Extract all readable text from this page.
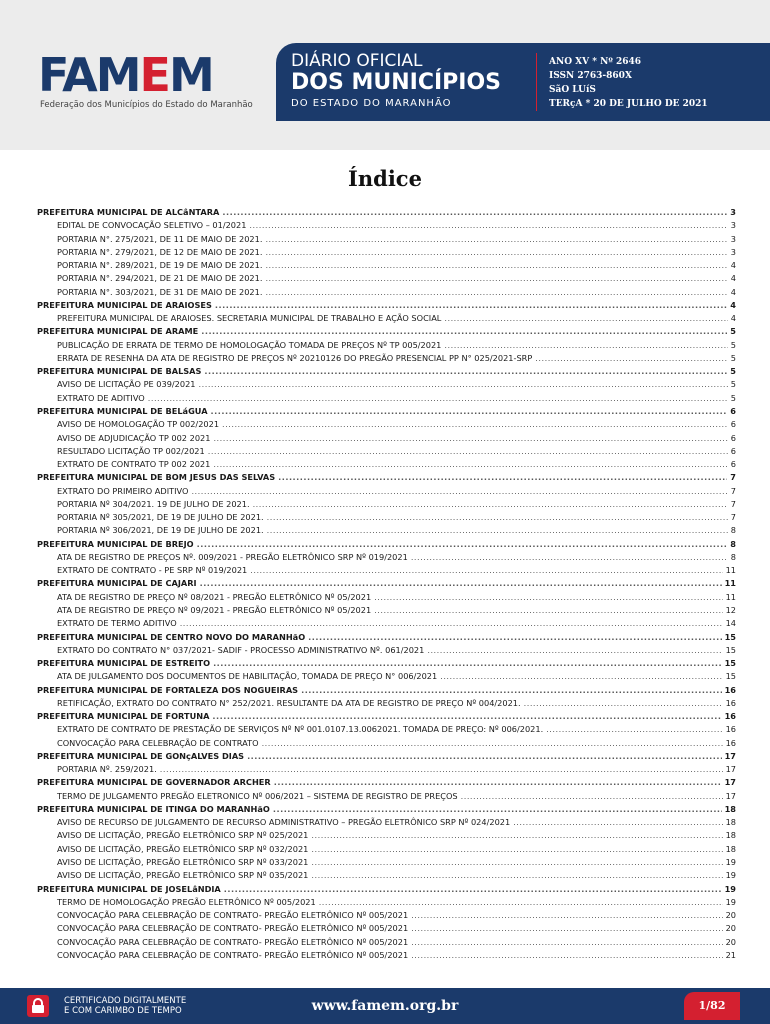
FAMEM
Federação dos Municípios do Estado do Maranhão
DIÁRIO OFICIAL
DOS MUNICÍPIOS
DO ESTADO DO MARANHÃO
ANO XV * Nº 2646
ISSN 2763-860X
SãO LUíS
TERçA * 20 DE JULHO DE 2021
Índice
PREFEITURA MUNICIPAL DE ALCâNTARA .....	3
EDITAL DE CONVOCAÇÃO SELETIVO – 01/2021 .....	3
PORTARIA N°. 275/2021, DE 11 DE MAIO DE 2021. .....	3
PORTARIA N°. 279/2021, DE 12 DE MAIO DE 2021. .....	3
PORTARIA N°. 289/2021, DE 19 DE MAIO DE 2021. .....	4
PORTARIA N°. 294/2021, DE 21 DE MAIO DE 2021. .....	4
PORTARIA N°. 303/2021, DE 31 DE MAIO DE 2021. .....	4
PREFEITURA MUNICIPAL DE ARAIOSES .....	4
PREFEITURA MUNICIPAL DE ARAIOSES. SECRETARIA MUNICIPAL DE TRABALHO E AÇÃO SOCIAL .....	4
PREFEITURA MUNICIPAL DE ARAME .....	5
PUBLICAÇÃO DE ERRATA DE TERMO DE HOMOLOGAÇÃO TOMADA DE PREÇOS Nº TP 005/2021 .....	5
ERRATA DE RESENHA DA ATA DE REGISTRO DE PREÇOS Nº 20210126 DO PREGÃO PRESENCIAL PP N° 025/2021-SRP .....	5
PREFEITURA MUNICIPAL DE BALSAS .....	5
AVISO DE LICITAÇÃO PE 039/2021 .....	5
EXTRATO DE ADITIVO .....	5
PREFEITURA MUNICIPAL DE BELáGUA .....	6
AVISO DE HOMOLOGAÇÃO TP 002/2021 .....	6
AVISO DE ADJUDICAÇÃO TP 002 2021 .....	6
RESULTADO LICITAÇÃO TP 002/2021 .....	6
EXTRATO DE CONTRATO TP 002 2021 .....	6
PREFEITURA MUNICIPAL DE BOM JESUS DAS SELVAS .....	7
EXTRATO DO PRIMEIRO ADITIVO .....	7
PORTARIA Nº 304/2021. 19 DE JULHO DE 2021. .....	7
PORTARIA Nº 305/2021, DE 19 DE JULHO DE 2021. .....	7
PORTARIA Nº 306/2021, DE 19 DE JULHO DE 2021. .....	8
PREFEITURA MUNICIPAL DE BREJO .....	8
ATA DE REGISTRO DE PREÇOS Nº. 009/2021 - PREGÃO ELETRÔNICO SRP Nº 019/2021 .....	8
EXTRATO DE CONTRATO - PE SRP Nº 019/2021 .....	11
PREFEITURA MUNICIPAL DE CAJARI .....	11
ATA DE REGISTRO DE PREÇO Nº 08/2021 - PREGÃO ELETRÔNICO Nº 05/2021 .....	11
ATA DE REGISTRO DE PREÇO Nº 09/2021 - PREGÃO ELETRÔNICO Nº 05/2021 .....	12
EXTRATO DE TERMO ADITIVO .....	14
PREFEITURA MUNICIPAL DE CENTRO NOVO DO MARANHãO .....	15
EXTRATO DO CONTRATO N° 037/2021- SADIF - PROCESSO ADMINISTRATIVO Nº. 061/2021 .....	15
PREFEITURA MUNICIPAL DE ESTREITO .....	15
ATA DE JULGAMENTO DOS DOCUMENTOS DE HABILITAÇÃO, TOMADA DE PREÇO N° 006/2021 .....	15
PREFEITURA MUNICIPAL DE FORTALEZA DOS NOGUEIRAS .....	16
RETIFICAÇÃO, EXTRATO DO CONTRATO N° 252/2021. RESULTANTE DA ATA DE REGISTRO DE PREÇO Nº 004/2021. .....	16
PREFEITURA MUNICIPAL DE FORTUNA .....	16
EXTRATO DE CONTRATO DE PRESTAÇÃO DE SERVIÇOS Nº Nº 001.0107.13.0062021. TOMADA DE PREÇO: Nº 006/2021. .....	16
CONVOCAÇÃO PARA CELEBRAÇÃO DE CONTRATO .....	16
PREFEITURA MUNICIPAL DE GONçALVES DIAS .....	17
PORTARIA Nº. 259/2021. .....	17
PREFEITURA MUNICIPAL DE GOVERNADOR ARCHER .....	17
TERMO DE JULGAMENTO PREGÃO ELETRONICO Nº 006/2021 – SISTEMA DE REGISTRO DE PREÇOS .....	17
PREFEITURA MUNICIPAL DE ITINGA DO MARANHãO .....	18
AVISO DE RECURSO DE JULGAMENTO DE RECURSO ADMINISTRATIVO – PREGÃO ELETRÔNICO SRP Nº 024/2021 .....	18
AVISO DE LICITAÇÃO, PREGÃO ELETRÔNICO SRP Nº 025/2021 .....	18
AVISO DE LICITAÇÃO, PREGÃO ELETRÔNICO SRP Nº 032/2021 .....	18
AVISO DE LICITAÇÃO, PREGÃO ELETRÔNICO SRP Nº 033/2021 .....	19
AVISO DE LICITAÇÃO, PREGÃO ELETRÔNICO SRP Nº 035/2021 .....	19
PREFEITURA MUNICIPAL DE JOSELâNDIA .....	19
TERMO DE HOMOLOGAÇÃO PREGÃO ELETRÔNICO Nº 005/2021 .....	19
CONVOCAÇÃO PARA CELEBRAÇÃO DE CONTRATO- PREGÃO ELETRÔNICO Nº 005/2021 .....	20
CONVOCAÇÃO PARA CELEBRAÇÃO DE CONTRATO- PREGÃO ELETRÔNICO Nº 005/2021 .....	20
CONVOCAÇÃO PARA CELEBRAÇÃO DE CONTRATO- PREGÃO ELETRÔNICO Nº 005/2021 .....	20
CONVOCAÇÃO PARA CELEBRAÇÃO DE CONTRATO- PREGÃO ELETRÔNICO Nº 005/2021 .....	21
CERTIFICADO DIGITALMENTE
E COM CARIMBO DE TEMPO	www.famem.org.br	1/82
